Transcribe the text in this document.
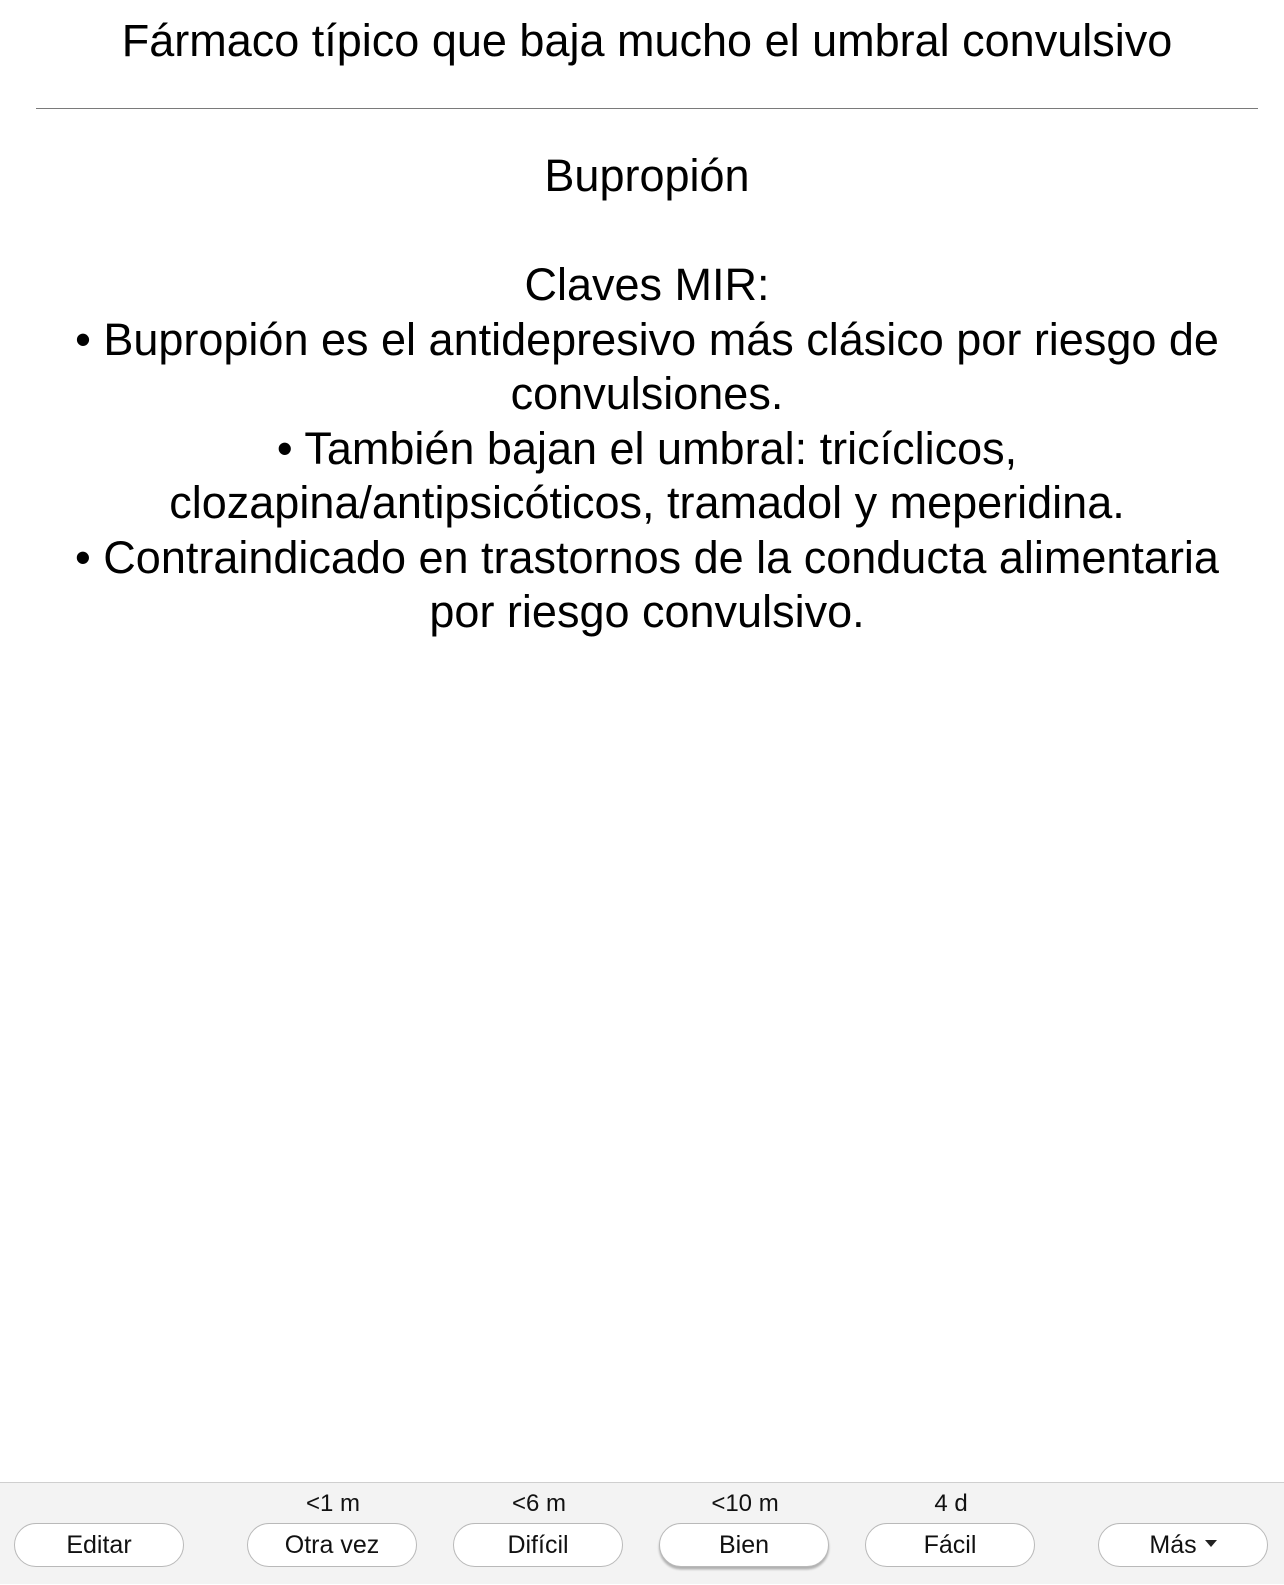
Fármaco típico que baja mucho el umbral convulsivo
Bupropión
Claves MIR:
• Bupropión es el antidepresivo más clásico por riesgo de
convulsiones.
• También bajan el umbral: tricíclicos,
clozapina/antipsicóticos, tramadol y meperidina.
• Contraindicado en trastornos de la conducta alimentaria
por riesgo convulsivo.
Editar
<1 m
Otra vez
<6 m
Difícil
<10 m
Bien
4 d
Fácil	Más
